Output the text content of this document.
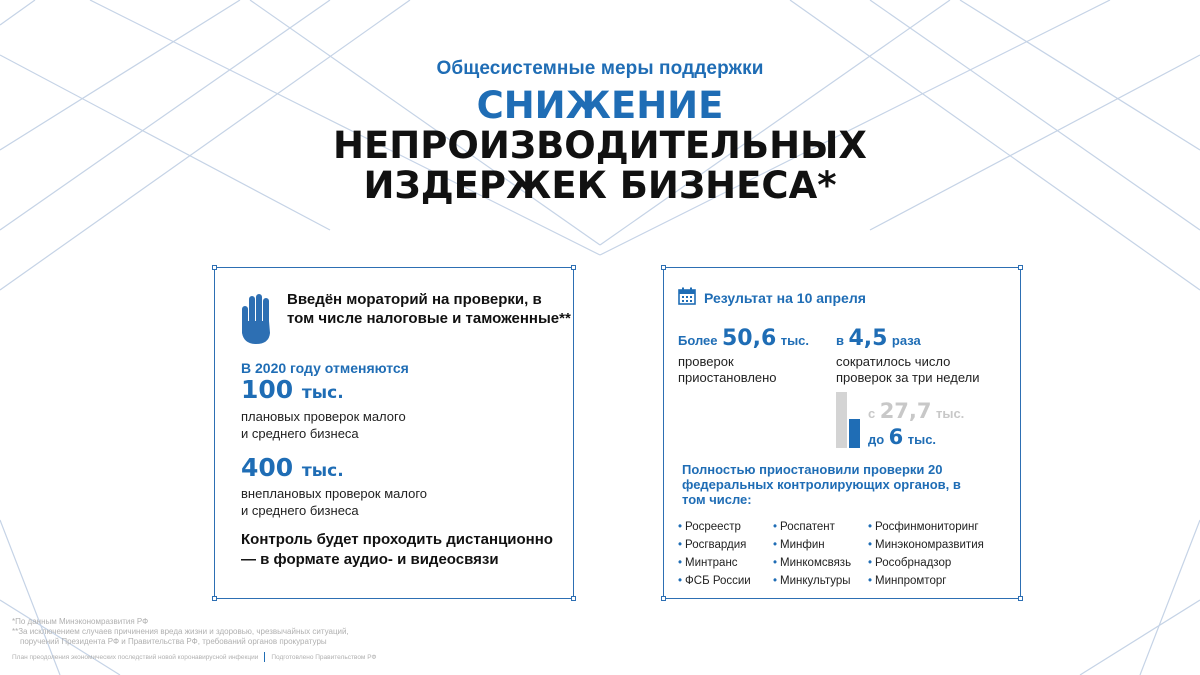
Общесистемные меры поддержки
СНИЖЕНИЕ
НЕПРОИЗВОДИТЕЛЬНЫХ
ИЗДЕРЖЕК БИЗНЕСА*
Введён мораторий на проверки, в том числе налоговые и таможенные**
В 2020 году отменяются
100 тыс.
плановых проверок малого
и среднего бизнеса
400 тыс.
внеплановых проверок малого
и среднего бизнеса
Контроль будет проходить дистанционно — в формате аудио- и видеосвязи
Результат на 10 апреля
Более 50,6 тыс.
проверок
приостановлено
в 4,5 раза
сократилось число
проверок за три недели
с 27,7 тыс.
до 6 тыс.
Полностью приостановили проверки 20 федеральных контролирующих органов, в том числе:
• Росреестр
• Росгвардия
• Минтранс
• ФСБ России
• Роспатент
• Минфин
• Минкомсвязь
• Минкультуры
• Росфинмониторинг
• Минэкономразвития
• Рособрнадзор
• Минпромторг
*По данным Минэкономразвития РФ
**За исключением случаев причинения вреда жизни и здоровью, чрезвычайных ситуаций,
поручений Президента РФ и Правительства РФ, требований органов прокуратуры
План преодоления экономических последствий новой коронавирусной инфекции Подготовлено Правительством РФ
